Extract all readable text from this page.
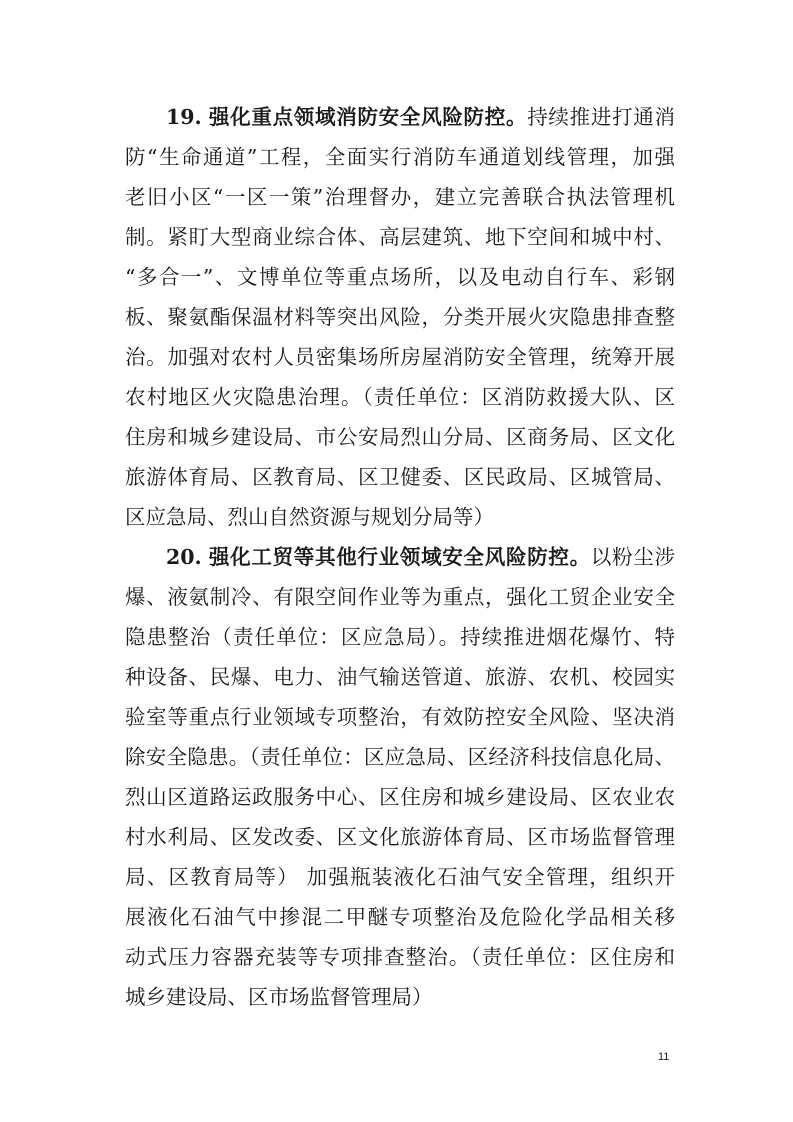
19. 强化重点领域消防安全风险防控。持续推进打通消
防“生命通道”工程，全面实行消防车通道划线管理，加强
老旧小区“一区一策”治理督办，建立完善联合执法管理机
制。紧盯大型商业综合体、高层建筑、地下空间和城中村、
“多合一”、文博单位等重点场所，以及电动自行车、彩钢
板、聚氨酯保温材料等突出风险，分类开展火灾隐患排查整
治。加强对农村人员密集场所房屋消防安全管理，统筹开展
农村地区火灾隐患治理。（责任单位：区消防救援大队、区
住房和城乡建设局、市公安局烈山分局、区商务局、区文化
旅游体育局、区教育局、区卫健委、区民政局、区城管局、
区应急局、烈山自然资源与规划分局等）
20. 强化工贸等其他行业领域安全风险防控。以粉尘涉
爆、液氨制冷、有限空间作业等为重点，强化工贸企业安全
隐患整治（责任单位：区应急局）。持续推进烟花爆竹、特
种设备、民爆、电力、油气输送管道、旅游、农机、校园实
验室等重点行业领域专项整治，有效防控安全风险、坚决消
除安全隐患。（责任单位：区应急局、区经济科技信息化局、
烈山区道路运政服务中心、区住房和城乡建设局、区农业农
村水利局、区发改委、区文化旅游体育局、区市场监督管理
局、区教育局等） 加强瓶装液化石油气安全管理，组织开
展液化石油气中掺混二甲醚专项整治及危险化学品相关移
动式压力容器充装等专项排查整治。（责任单位：区住房和
城乡建设局、区市场监督管理局）
11
